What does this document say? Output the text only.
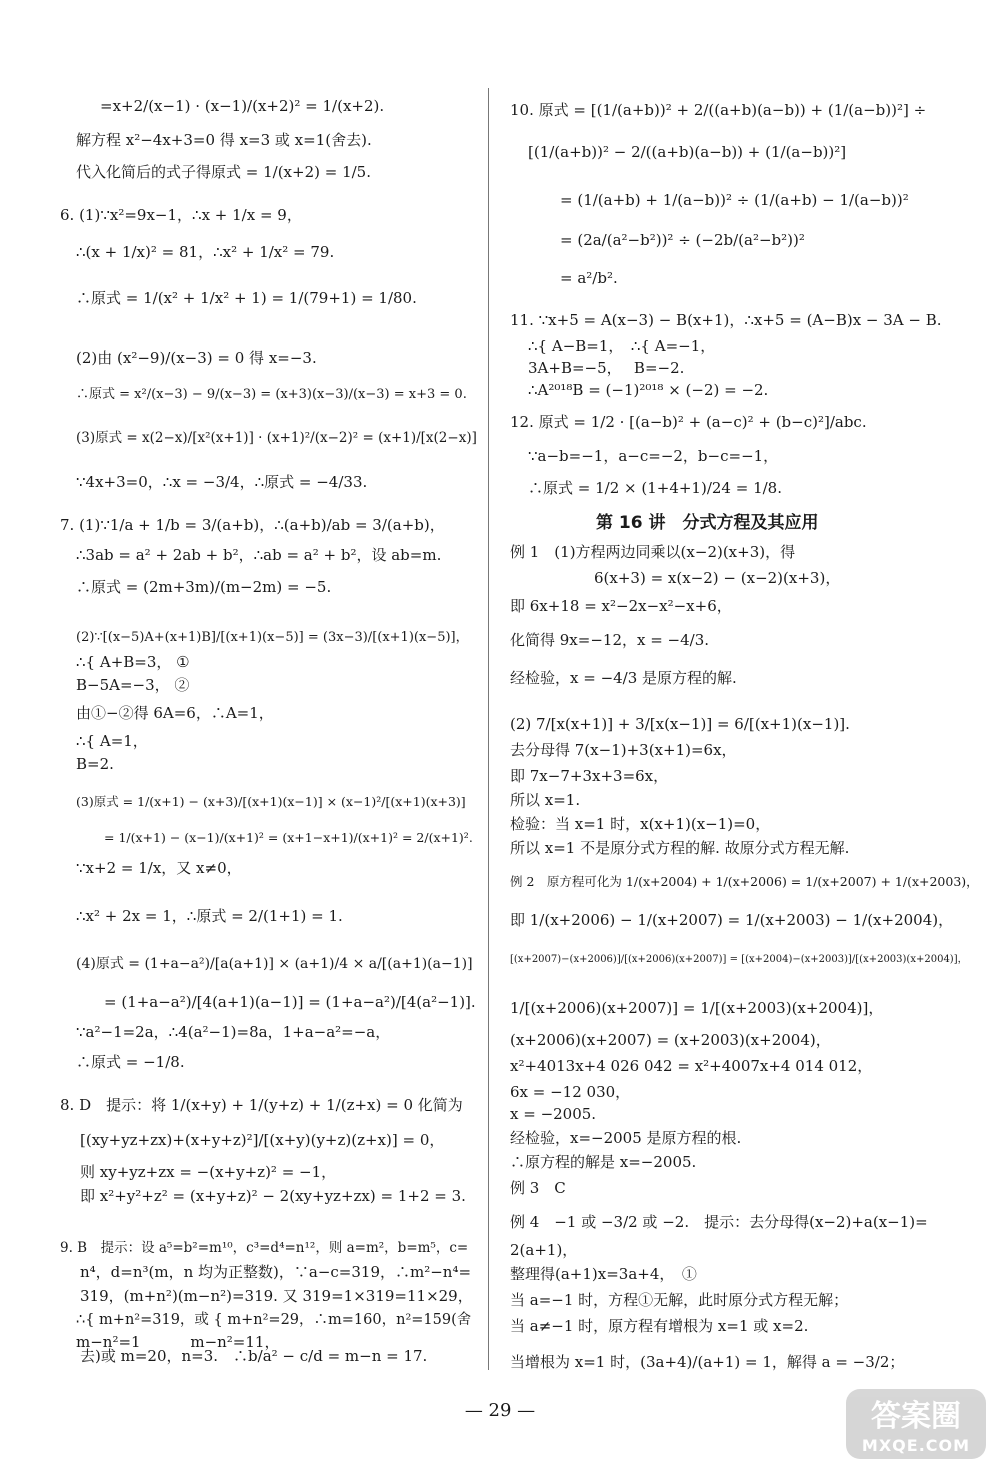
=x+2/(x−1) · (x−1)/(x+2)² = 1/(x+2).
解方程 x²−4x+3=0 得 x=3 或 x=1(舍去).
代入化简后的式子得原式 = 1/(x+2) = 1/5.
6. (1)∵x²=9x−1，∴x + 1/x = 9，
∴(x + 1/x)² = 81，∴x² + 1/x² = 79.
∴原式 = 1/(x² + 1/x² + 1) = 1/(79+1) = 1/80.
(2)由 (x²−9)/(x−3) = 0 得 x=−3.
∴原式 = x²/(x−3) − 9/(x−3) = (x+3)(x−3)/(x−3) = x+3 = 0.
(3)原式 = x(2−x)/[x²(x+1)] · (x+1)²/(x−2)² = (x+1)/[x(2−x)]
∵4x+3=0，∴x = −3/4，∴原式 = −4/33.
7. (1)∵1/a + 1/b = 3/(a+b)，∴(a+b)/ab = 3/(a+b)，
∴3ab = a² + 2ab + b²，∴ab = a² + b²，设 ab=m.
∴原式 = (2m+3m)/(m−2m) = −5.
(2)∵[(x−5)A+(x+1)B]/[(x+1)(x−5)] = (3x−3)/[(x+1)(x−5)]，
∴{ A+B=3， ①
B−5A=−3， ②
由①−②得 6A=6，∴A=1，
∴{ A=1，
B=2.
(3)原式 = 1/(x+1) − (x+3)/[(x+1)(x−1)] × (x−1)²/[(x+1)(x+3)]
= 1/(x+1) − (x−1)/(x+1)² = (x+1−x+1)/(x+1)² = 2/(x+1)².
∵x+2 = 1/x，又 x≠0，
∴x² + 2x = 1，∴原式 = 2/(1+1) = 1.
(4)原式 = (1+a−a²)/[a(a+1)] × (a+1)/4 × a/[(a+1)(a−1)]
= (1+a−a²)/[4(a+1)(a−1)] = (1+a−a²)/[4(a²−1)].
∵a²−1=2a，∴4(a²−1)=8a，1+a−a²=−a，
∴原式 = −1/8.
8. D　提示：将 1/(x+y) + 1/(y+z) + 1/(z+x) = 0 化简为
[(xy+yz+zx)+(x+y+z)²]/[(x+y)(y+z)(z+x)] = 0，
则 xy+yz+zx = −(x+y+z)² = −1，
即 x²+y²+z² = (x+y+z)² − 2(xy+yz+zx) = 1+2 = 3.
9. B　提示：设 a⁵=b²=m¹⁰，c³=d⁴=n¹²，则 a=m²，b=m⁵，c=
n⁴，d=n³(m，n 均为正整数)，∵a−c=319，∴m²−n⁴=
319，(m+n²)(m−n²)=319. 又 319=1×319=11×29，
∴{ m+n²=319，或 { m+n²=29，∴m=160，n²=159(舍
m−n²=1　　　 m−n²=11，
去)或 m=20，n=3.　∴b/a² − c/d = m−n = 17.
10. 原式 = [(1/(a+b))² + 2/((a+b)(a−b)) + (1/(a−b))²] ÷
[(1/(a+b))² − 2/((a+b)(a−b)) + (1/(a−b))²]
= (1/(a+b) + 1/(a−b))² ÷ (1/(a+b) − 1/(a−b))²
= (2a/(a²−b²))² ÷ (−2b/(a²−b²))²
= a²/b².
11. ∵x+5 = A(x−3) − B(x+1)，∴x+5 = (A−B)x − 3A − B.
∴{ A−B=1，　∴{ A=−1，
3A+B=−5，　 B=−2.
∴A²⁰¹⁸B = (−1)²⁰¹⁸ × (−2) = −2.
12. 原式 = 1/2 · [(a−b)² + (a−c)² + (b−c)²]/abc.
∵a−b=−1，a−c=−2，b−c=−1，
∴原式 = 1/2 × (1+4+1)/24 = 1/8.
第 16 讲　分式方程及其应用
例 1　(1)方程两边同乘以(x−2)(x+3)，得
6(x+3) = x(x−2) − (x−2)(x+3)，
即 6x+18 = x²−2x−x²−x+6，
化简得 9x=−12，x = −4/3.
经检验，x = −4/3 是原方程的解.
(2) 7/[x(x+1)] + 3/[x(x−1)] = 6/[(x+1)(x−1)].
去分母得 7(x−1)+3(x+1)=6x，
即 7x−7+3x+3=6x，
所以 x=1.
检验：当 x=1 时，x(x+1)(x−1)=0，
所以 x=1 不是原分式方程的解. 故原分式方程无解.
例 2　原方程可化为 1/(x+2004) + 1/(x+2006) = 1/(x+2007) + 1/(x+2003)，
即 1/(x+2006) − 1/(x+2007) = 1/(x+2003) − 1/(x+2004)，
[(x+2007)−(x+2006)]/[(x+2006)(x+2007)] = [(x+2004)−(x+2003)]/[(x+2003)(x+2004)]，
1/[(x+2006)(x+2007)] = 1/[(x+2003)(x+2004)]，
(x+2006)(x+2007) = (x+2003)(x+2004)，
x²+4013x+4 026 042 = x²+4007x+4 014 012，
6x = −12 030，
x = −2005.
经检验，x=−2005 是原方程的根.
∴原方程的解是 x=−2005.
例 3　C
例 4　−1 或 −3/2 或 −2.　提示：去分母得(x−2)+a(x−1)=
2(a+1)，
整理得(a+1)x=3a+4，　①
当 a=−1 时，方程①无解，此时原分式方程无解；
当 a≠−1 时，原方程有增根为 x=1 或 x=2.
当增根为 x=1 时，(3a+4)/(a+1) = 1，解得 a = −3/2；
— 29 —	答案圈
MXQE.COM
